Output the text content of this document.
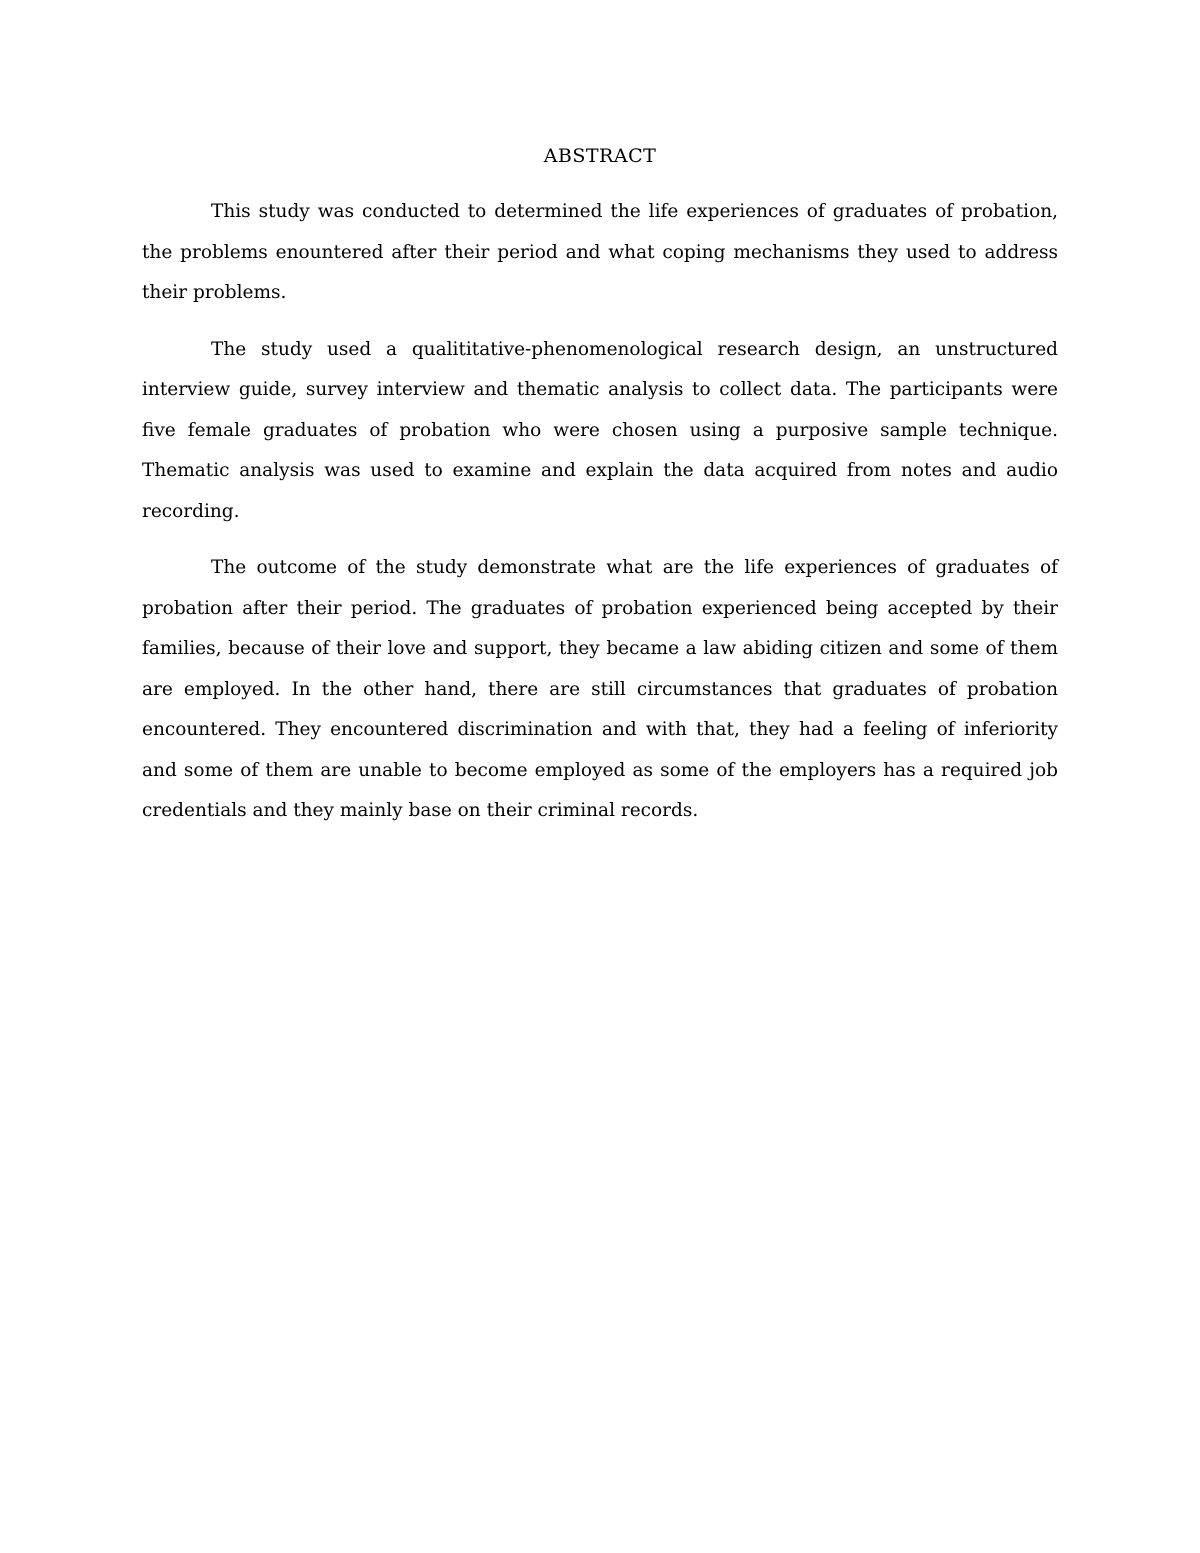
ABSTRACT

This study was conducted to determined the life experiences of graduates of probation, the problems enountered after their period and what coping mechanisms they used to address their problems.

The study used a qualititative-phenomenological research design, an unstructured interview guide, survey interview and thematic analysis to collect data. The participants were five female graduates of probation who were chosen using a purposive sample technique. Thematic analysis was used to examine and explain the data acquired from notes and audio recording.

The outcome of the study demonstrate what are the life experiences of graduates of probation after their period. The graduates of probation experienced being accepted by their families, because of their love and support, they became a law abiding citizen and some of them are employed. In the other hand, there are still circumstances that graduates of probation encountered. They encountered discrimination and with that, they had a feeling of inferiority and some of them are unable to become employed as some of the employers has a required job credentials and they mainly base on their criminal records.
